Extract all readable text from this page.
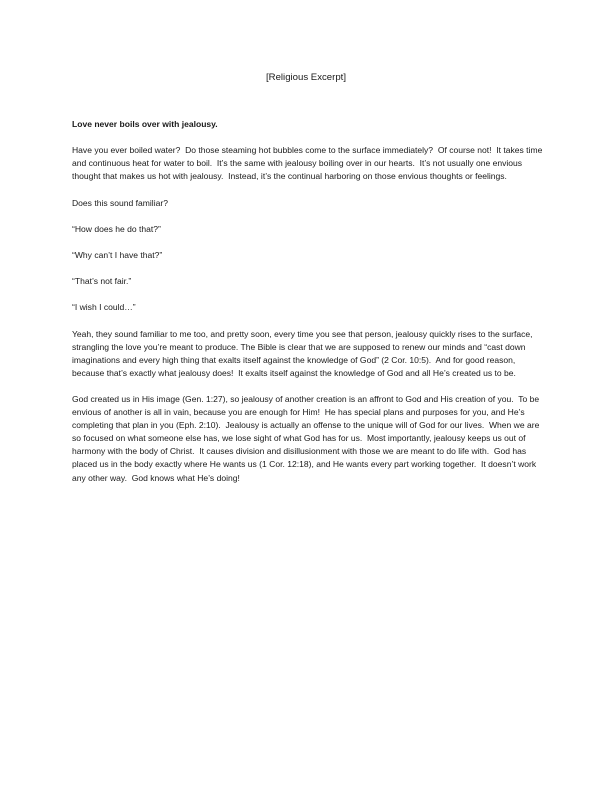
[Religious Excerpt]

Love never boils over with jealousy.

Have you ever boiled water?  Do those steaming hot bubbles come to the surface immediately?  Of course not!  It takes time and continuous heat for water to boil.  It’s the same with jealousy boiling over in our hearts.  It’s not usually one envious thought that makes us hot with jealousy.  Instead, it’s the continual harboring on those envious thoughts or feelings.

Does this sound familiar?

“How does he do that?”

“Why can’t I have that?”

“That’s not fair.”

“I wish I could…”

Yeah, they sound familiar to me too, and pretty soon, every time you see that person, jealousy quickly rises to the surface, strangling the love you’re meant to produce. The Bible is clear that we are supposed to renew our minds and “cast down imaginations and every high thing that exalts itself against the knowledge of God” (2 Cor. 10:5).  And for good reason, because that’s exactly what jealousy does!  It exalts itself against the knowledge of God and all He’s created us to be.

God created us in His image (Gen. 1:27), so jealousy of another creation is an affront to God and His creation of you.  To be envious of another is all in vain, because you are enough for Him!  He has special plans and purposes for you, and He’s completing that plan in you (Eph. 2:10).  Jealousy is actually an offense to the unique will of God for our lives.  When we are so focused on what someone else has, we lose sight of what God has for us.  Most importantly, jealousy keeps us out of harmony with the body of Christ.  It causes division and disillusionment with those we are meant to do life with.  God has placed us in the body exactly where He wants us (1 Cor. 12:18), and He wants every part working together.  It doesn’t work any other way.  God knows what He’s doing!
